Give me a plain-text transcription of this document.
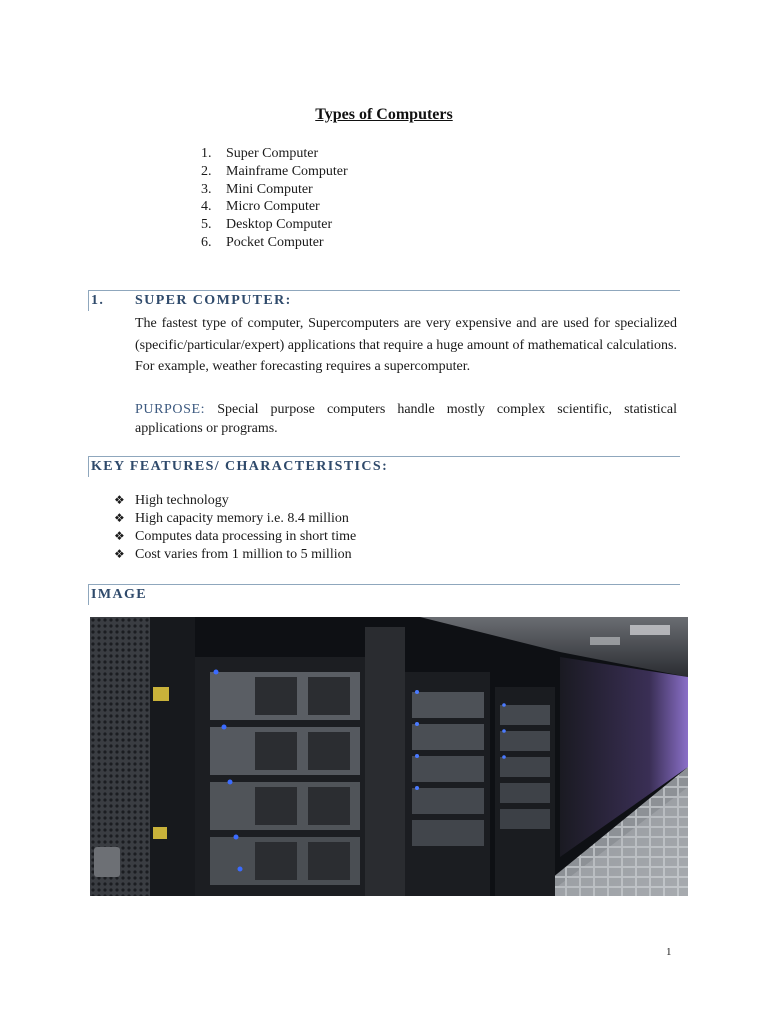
Types of Computers
1. Super Computer
2. Mainframe Computer
3. Mini Computer
4. Micro Computer
5. Desktop Computer
6. Pocket Computer
1. SUPER COMPUTER:

The fastest type of computer, Supercomputers are very expensive and are used for specialized (specific/particular/expert) applications that require a huge amount of mathematical calculations. For example, weather forecasting requires a supercomputer.

PURPOSE: Special purpose computers handle mostly complex scientific, statistical applications or programs.

KEY FEATURES/ CHARACTERISTICS:
❖ High technology
❖ High capacity memory i.e. 8.4 million
❖ Computes data processing in short time
❖ Cost varies from 1 million to 5 million
IMAGE
1
